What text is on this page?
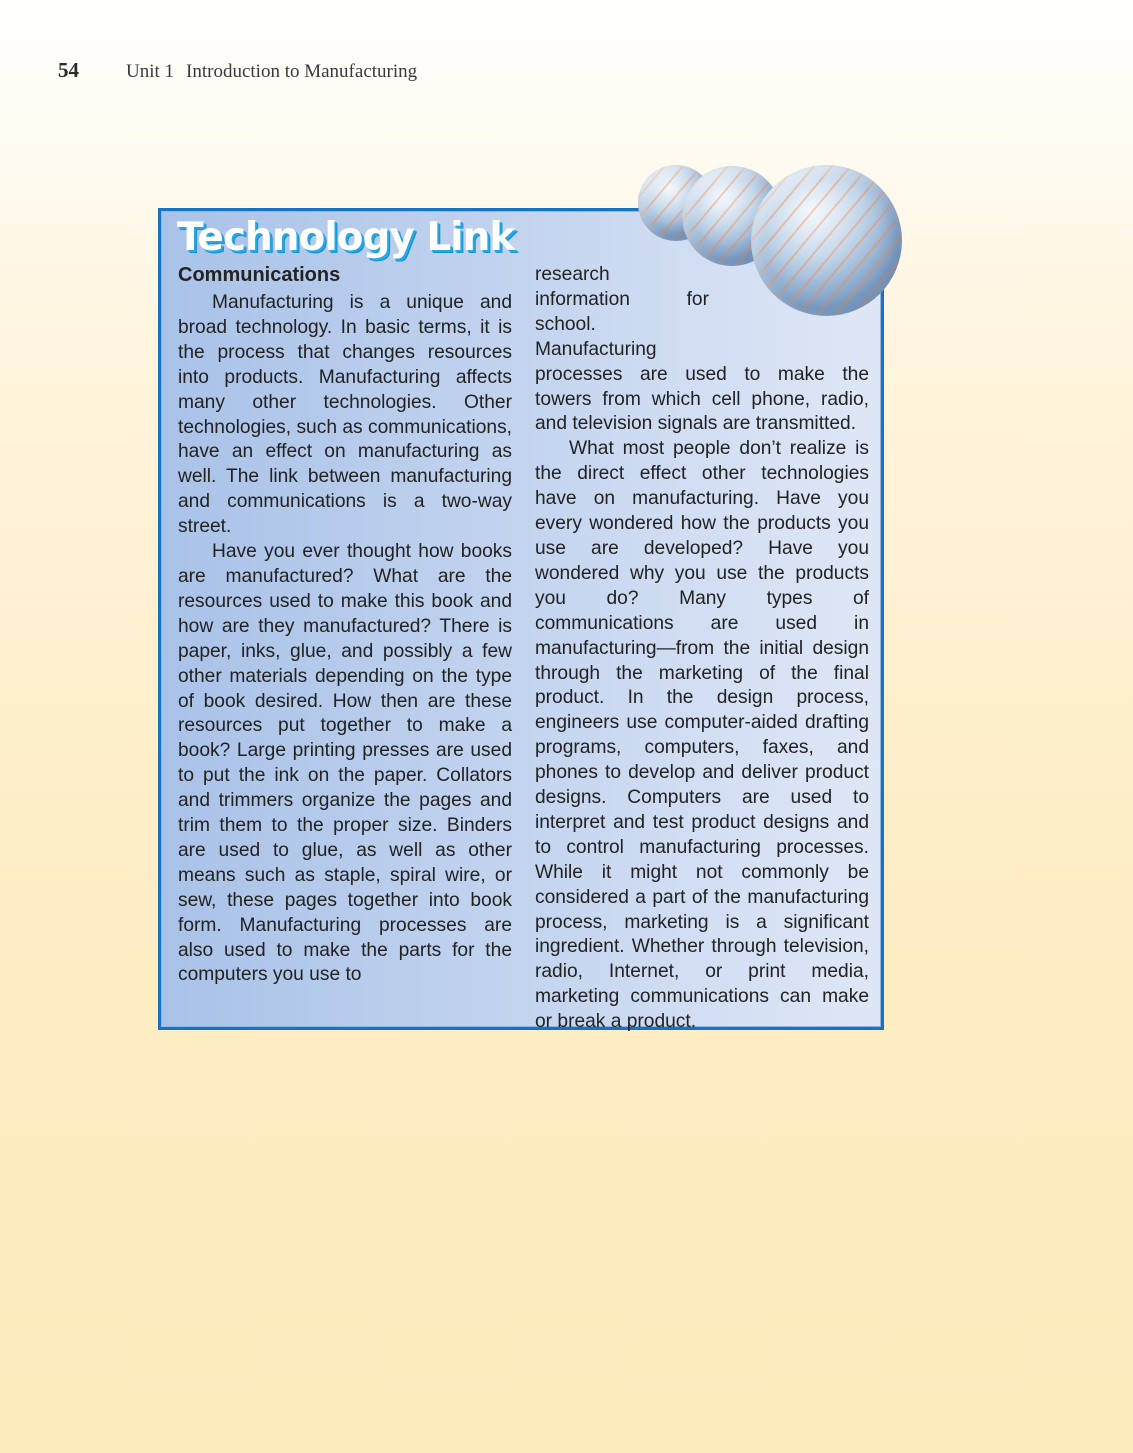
54	Unit 1 Introduction to Manufacturing
Technology Link
Communications

Manufacturing is a unique and broad technology. In basic terms, it is the process that changes resources into products. Manufacturing affects many other technologies. Other technologies, such as communications, have an effect on manufacturing as well. The link between manufacturing and communications is a two-way street.

Have you ever thought how books are manufactured? What are the resources used to make this book and how are they manufactured? There is paper, inks, glue, and possibly a few other materials depending on the type of book desired. How then are these resources put together to make a book? Large printing presses are used to put the ink on the paper. Collators and trimmers organize the pages and trim them to the proper size. Binders are used to glue, as well as other means such as staple, spiral wire, or sew, these pages together into book form. Manufacturing processes are also used to make the parts for the computers you use to

research information for school. Manufacturing processes are used to make the towers from which cell phone, radio, and television signals are transmitted.

What most people don’t realize is the direct effect other technologies have on manufacturing. Have you every wondered how the products you use are developed? Have you wondered why you use the products you do? Many types of communications are used in manufacturing—from the initial design through the marketing of the final product. In the design process, engineers use computer-aided drafting programs, computers, faxes, and phones to develop and deliver product designs. Computers are used to interpret and test product designs and to control manufacturing processes. While it might not commonly be considered a part of the manufacturing process, marketing is a significant ingredient. Whether through television, radio, Internet, or print media, marketing communications can make or break a product.
